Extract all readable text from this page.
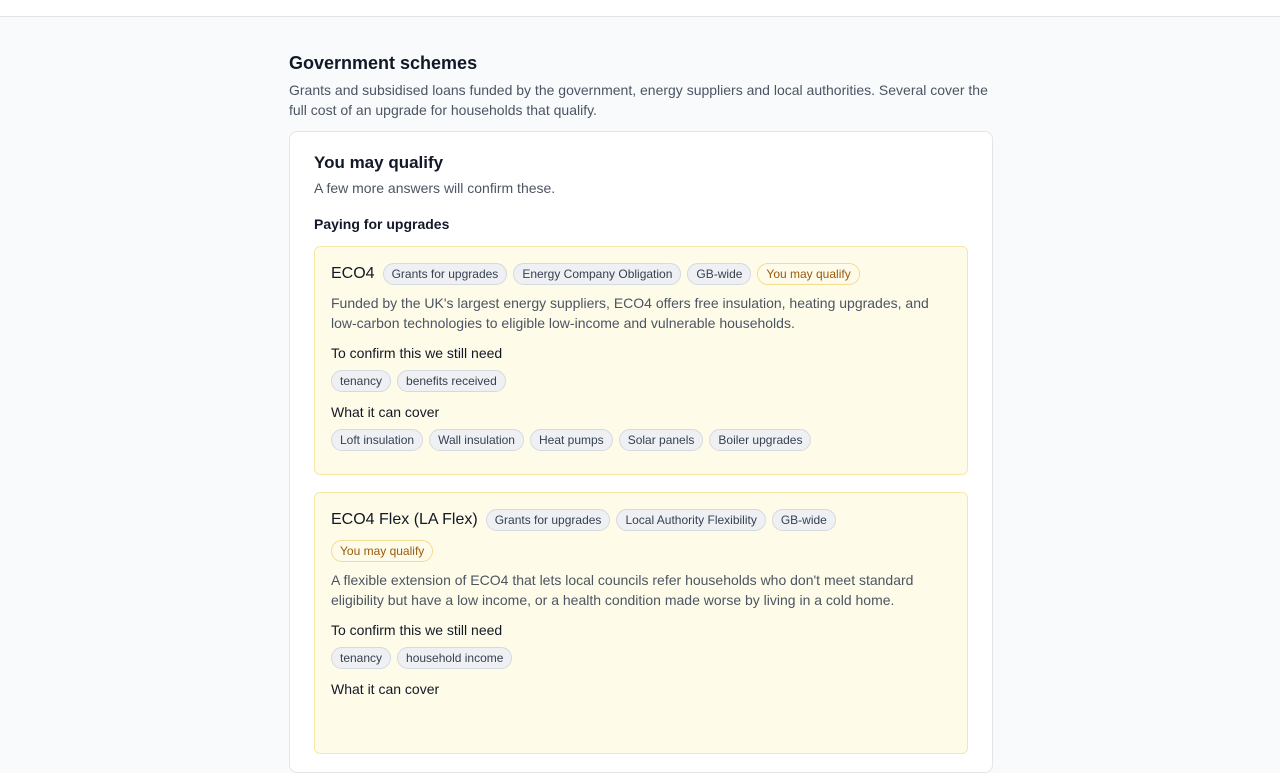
Government schemes
Grants and subsidised loans funded by the government, energy suppliers and local authorities. Several cover the full cost of an upgrade for households that qualify.
You may qualify
A few more answers will confirm these.
Paying for upgrades
ECO4	Grants for upgrades	Energy Company Obligation	GB-wide	You may qualify
Funded by the UK's largest energy suppliers, ECO4 offers free insulation, heating upgrades, and low-carbon technologies to eligible low-income and vulnerable households.
To confirm this we still need
tenancy	benefits received
What it can cover
Loft insulation	Wall insulation	Heat pumps	Solar panels	Boiler upgrades
ECO4 Flex (LA Flex)	Grants for upgrades	Local Authority Flexibility	GB-wide
You may qualify
A flexible extension of ECO4 that lets local councils refer households who don't meet standard eligibility but have a low income, or a health condition made worse by living in a cold home.
To confirm this we still need
tenancy	household income
What it can cover
